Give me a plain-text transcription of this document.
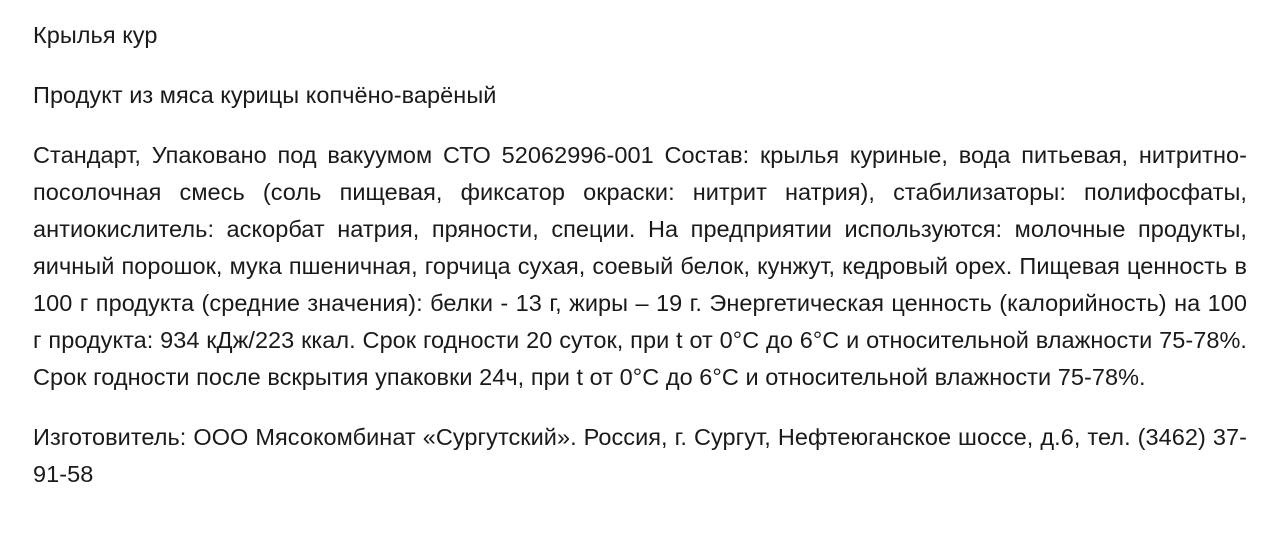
Крылья кур

Продукт из мяса курицы копчёно-варёный

Стандарт, Упаковано под вакуумом СТО 52062996-001 Состав: крылья куриные, вода питьевая, нитритно-посолочная смесь (соль пищевая, фиксатор окраски: нитрит натрия), стабилизаторы: полифосфаты, антиокислитель: аскорбат натрия, пряности, специи. На предприятии используются: молочные продукты, яичный порошок, мука пшеничная, горчица сухая, соевый белок, кунжут, кедровый орех. Пищевая ценность в 100 г продукта (средние значения): белки - 13 г, жиры – 19 г. Энергетическая ценность (калорийность) на 100 г продукта: 934 кДж/223 ккал. Срок годности 20 суток, при t от 0°С до 6°С и относительной влажности 75-78%. Срок годности после вскрытия упаковки 24ч, при t от 0°С до 6°С и относительной влажности 75-78%.

Изготовитель: ООО Мясокомбинат «Сургутский». Россия, г. Сургут, Нефтеюганское шоссе, д.6, тел. (3462) 37-91-58
